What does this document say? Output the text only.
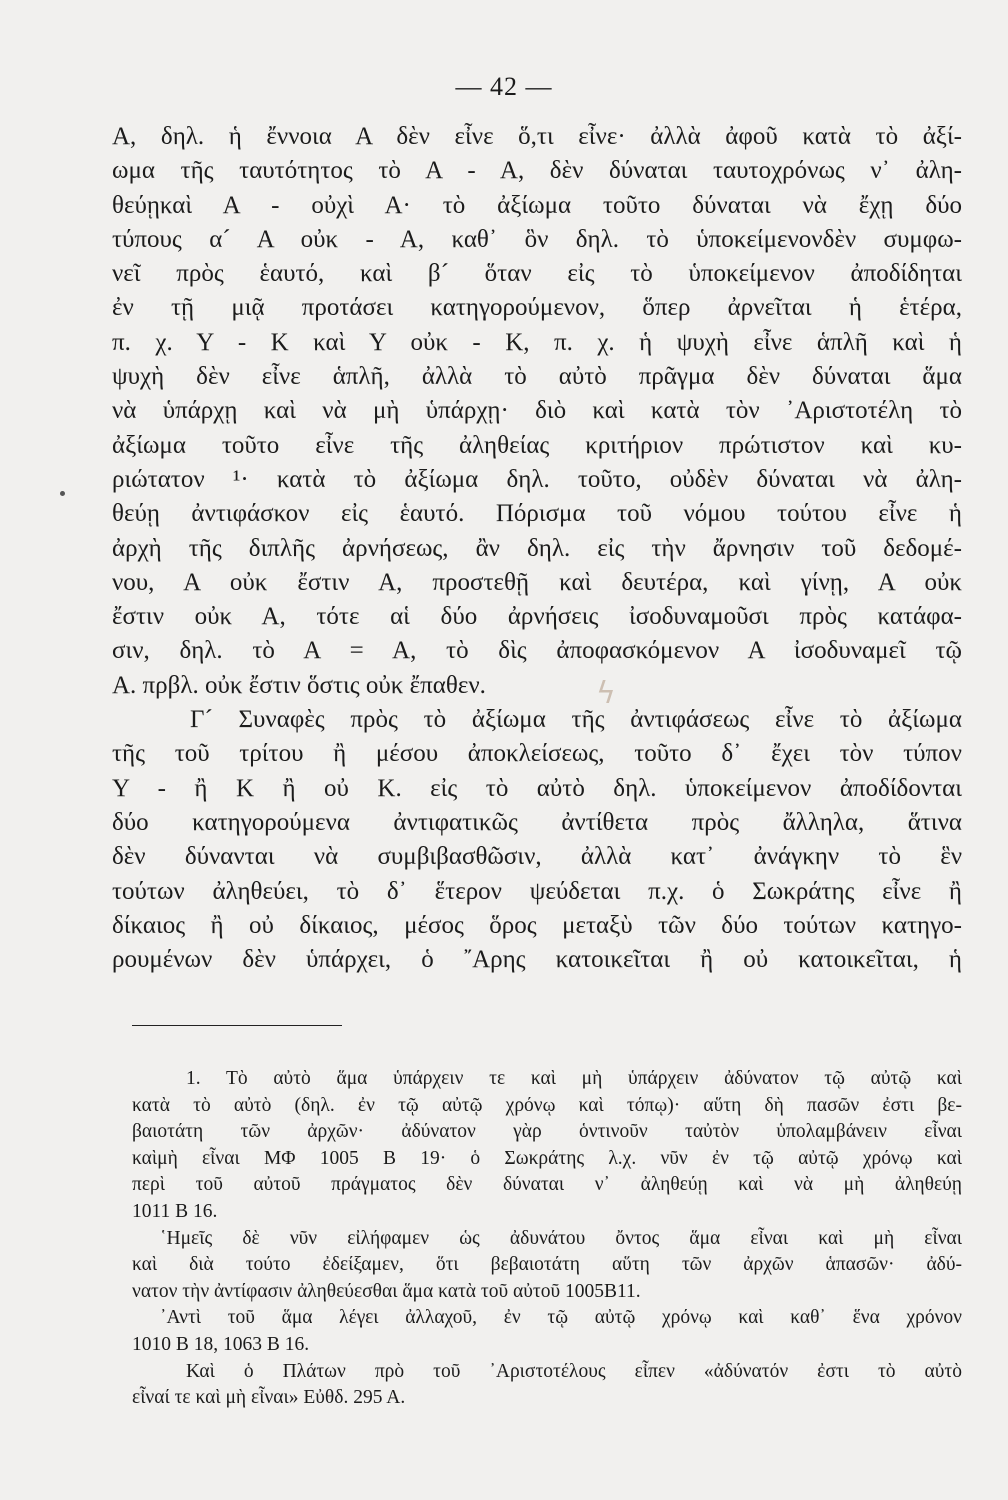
— 42 —
ϟ
Α, δηλ. ἡ ἔννοια Α δὲν εἶνε ὅ,τι εἶνε· ἀλλὰ ἀφοῦ κατὰ τὸ ἀξί-
ωμα τῆς ταυτότητος τὸ Α - Α, δὲν δύναται ταυτοχρόνως ν᾽ ἀλη-
θεύῃκαὶ Α - οὐχὶ Α· τὸ ἀξίωμα τοῦτο δύναται νὰ ἔχῃ δύο
τύπους α´ Α οὐκ - Α, καθ᾽ ὃν δηλ. τὸ ὑποκείμενονδὲν συμφω-
νεῖ πρὸς ἑαυτό, καὶ β´ ὅταν εἰς τὸ ὑποκείμενον ἀποδίδηται
ἐν τῇ μιᾷ προτάσει κατηγορούμενον, ὅπερ ἀρνεῖται ἡ ἑτέρα,
π. χ. Υ - Κ καὶ Υ οὐκ - Κ, π. χ. ἡ ψυχὴ εἶνε ἁπλῆ καὶ ἡ
ψυχὴ δὲν εἶνε ἁπλῆ, ἀλλὰ τὸ αὐτὸ πρᾶγμα δὲν δύναται ἅμα
νὰ ὑπάρχῃ καὶ νὰ μὴ ὑπάρχῃ· διὸ καὶ κατὰ τὸν ᾽Αριστοτέλη τὸ
ἀξίωμα τοῦτο εἶνε τῆς ἀληθείας κριτήριον πρώτιστον καὶ κυ-
ριώτατον ¹· κατὰ τὸ ἀξίωμα δηλ. τοῦτο, οὐδὲν δύναται νὰ ἀλη-
θεύῃ ἀντιφάσκον εἰς ἑαυτό. Πόρισμα τοῦ νόμου τούτου εἶνε ἡ
ἀρχὴ τῆς διπλῆς ἀρνήσεως, ἂν δηλ. εἰς τὴν ἄρνησιν τοῦ δεδομέ-
νου, Α οὐκ ἔστιν Α, προστεθῇ καὶ δευτέρα, καὶ γίνῃ, Α οὐκ
ἔστιν οὐκ Α, τότε αἱ δύο ἀρνήσεις ἰσοδυναμοῦσι πρὸς κατάφα-
σιν, δηλ. τὸ Α = Α, τὸ δὶς ἀποφασκόμενον Α ἰσοδυναμεῖ τῷ
Α. πρβλ. οὐκ ἔστιν ὅστις οὐκ ἔπαθεν.
Γ´ Συναφὲς πρὸς τὸ ἀξίωμα τῆς ἀντιφάσεως εἶνε τὸ ἀξίωμα
τῆς τοῦ τρίτου ἢ μέσου ἀποκλείσεως, τοῦτο δ᾽ ἔχει τὸν τύπον
Υ - ἢ Κ ἢ οὐ Κ. εἰς τὸ αὐτὸ δηλ. ὑποκείμενον ἀποδίδονται
δύο κατηγορούμενα ἀντιφατικῶς ἀντίθετα πρὸς ἄλληλα, ἅτινα
δὲν δύνανται νὰ συμβιβασθῶσιν, ἀλλὰ κατ᾽ ἀνάγκην τὸ ἓν
τούτων ἀληθεύει, τὸ δ᾽ ἕτερον ψεύδεται π.χ. ὁ Σωκράτης εἶνε ἢ
δίκαιος ἢ οὐ δίκαιος, μέσος ὅρος μεταξὺ τῶν δύο τούτων κατηγο-
ρουμένων δὲν ὑπάρχει, ὁ ῎Αρης κατοικεῖται ἢ οὐ κατοικεῖται, ἡ
1. Τὸ αὐτὸ ἅμα ὑπάρχειν τε καὶ μὴ ὑπάρχειν ἀδύνατον τῷ αὐτῷ καὶ
κατὰ τὸ αὐτὸ (δηλ. ἐν τῷ αὐτῷ χρόνῳ καὶ τόπῳ)· αὕτη δὴ πασῶν ἐστι βε-
βαιοτάτη τῶν ἀρχῶν· ἀδύνατον γὰρ ὁντινοῦν ταὐτὸν ὑπολαμβάνειν εἶναι
καὶμὴ εἶναι ΜΦ 1005 Β 19· ὁ Σωκράτης λ.χ. νῦν ἐν τῷ αὐτῷ χρόνῳ καὶ
περὶ τοῦ αὐτοῦ πράγματος δὲν δύναται ν᾽ ἀληθεύῃ καὶ νὰ μὴ ἀληθεύῃ
1011 Β 16.
῾Ημεῖς δὲ νῦν εἰλήφαμεν ὡς ἀδυνάτου ὄντος ἅμα εἶναι καὶ μὴ εἶναι
καὶ διὰ τούτο ἐδείξαμεν, ὅτι βεβαιοτάτη αὕτη τῶν ἀρχῶν ἁπασῶν· ἀδύ-
νατον τὴν ἀντίφασιν ἀληθεύεσθαι ἅμα κατὰ τοῦ αὐτοῦ 1005Β11.
᾽Αντὶ τοῦ ἅμα λέγει ἀλλαχοῦ, ἐν τῷ αὐτῷ χρόνῳ καὶ καθ᾽ ἕνα χρόνον
1010 Β 18, 1063 Β 16.
Καὶ ὁ Πλάτων πρὸ τοῦ ᾽Αριστοτέλους εἶπεν «ἀδύνατόν ἐστι τὸ αὐτὸ
εἶναί τε καὶ μὴ εἶναι» Εὐθδ. 295 Α.
